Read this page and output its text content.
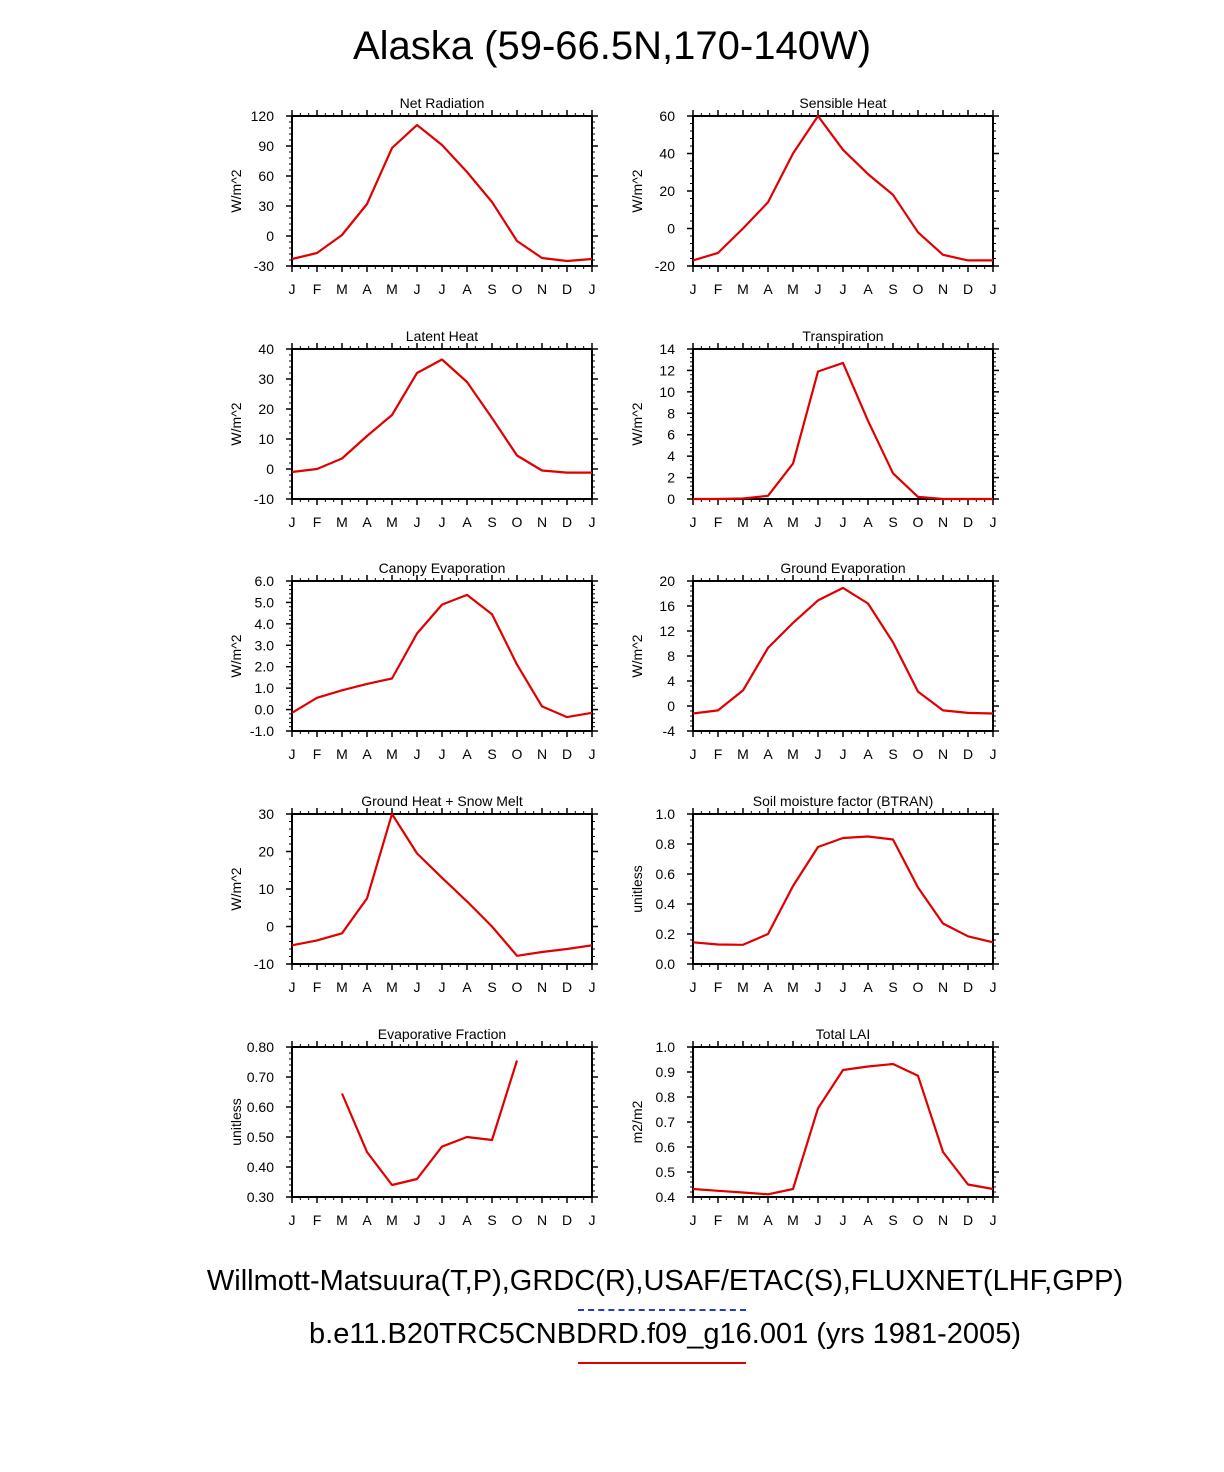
Alaska (59-66.5N,170-140W)
J F M A M J J A S O N D J
-30
0
30
60
90
120
Net Radiation
W/m^2
J F M A M J J A S O N D J
-20
0
20
40
60
Sensible Heat
W/m^2
J F M A M J J A S O N D J
-10
0
10
20
30
40
Latent Heat
W/m^2
J F M A M J J A S O N D J
0
2
4
6
8
10
12
14
Transpiration
W/m^2
J F M A M J J A S O N D J
-1.0
0.0
1.0
2.0
3.0
4.0
5.0
6.0
Canopy Evaporation
W/m^2
J F M A M J J A S O N D J
-4
0
4
8
12
16
20
Ground Evaporation
W/m^2
J F M A M J J A S O N D J
-10
0
10
20
30
Ground Heat + Snow Melt
W/m^2
J F M A M J J A S O N D J
0.0
0.2
0.4
0.6
0.8
1.0
Soil moisture factor (BTRAN)
unitless
J F M A M J J A S O N D J
0.30
0.40
0.50
0.60
0.70
0.80
Evaporative Fraction
unitless
J F M A M J J A S O N D J
0.4
0.5
0.6
0.7
0.8
0.9
1.0
Total LAI
m2/m2
Willmott-Matsuura(T,P),GRDC(R),USAF/ETAC(S),FLUXNET(LHF,GPP)
b.e11.B20TRC5CNBDRD.f09_g16.001 (yrs 1981-2005)
